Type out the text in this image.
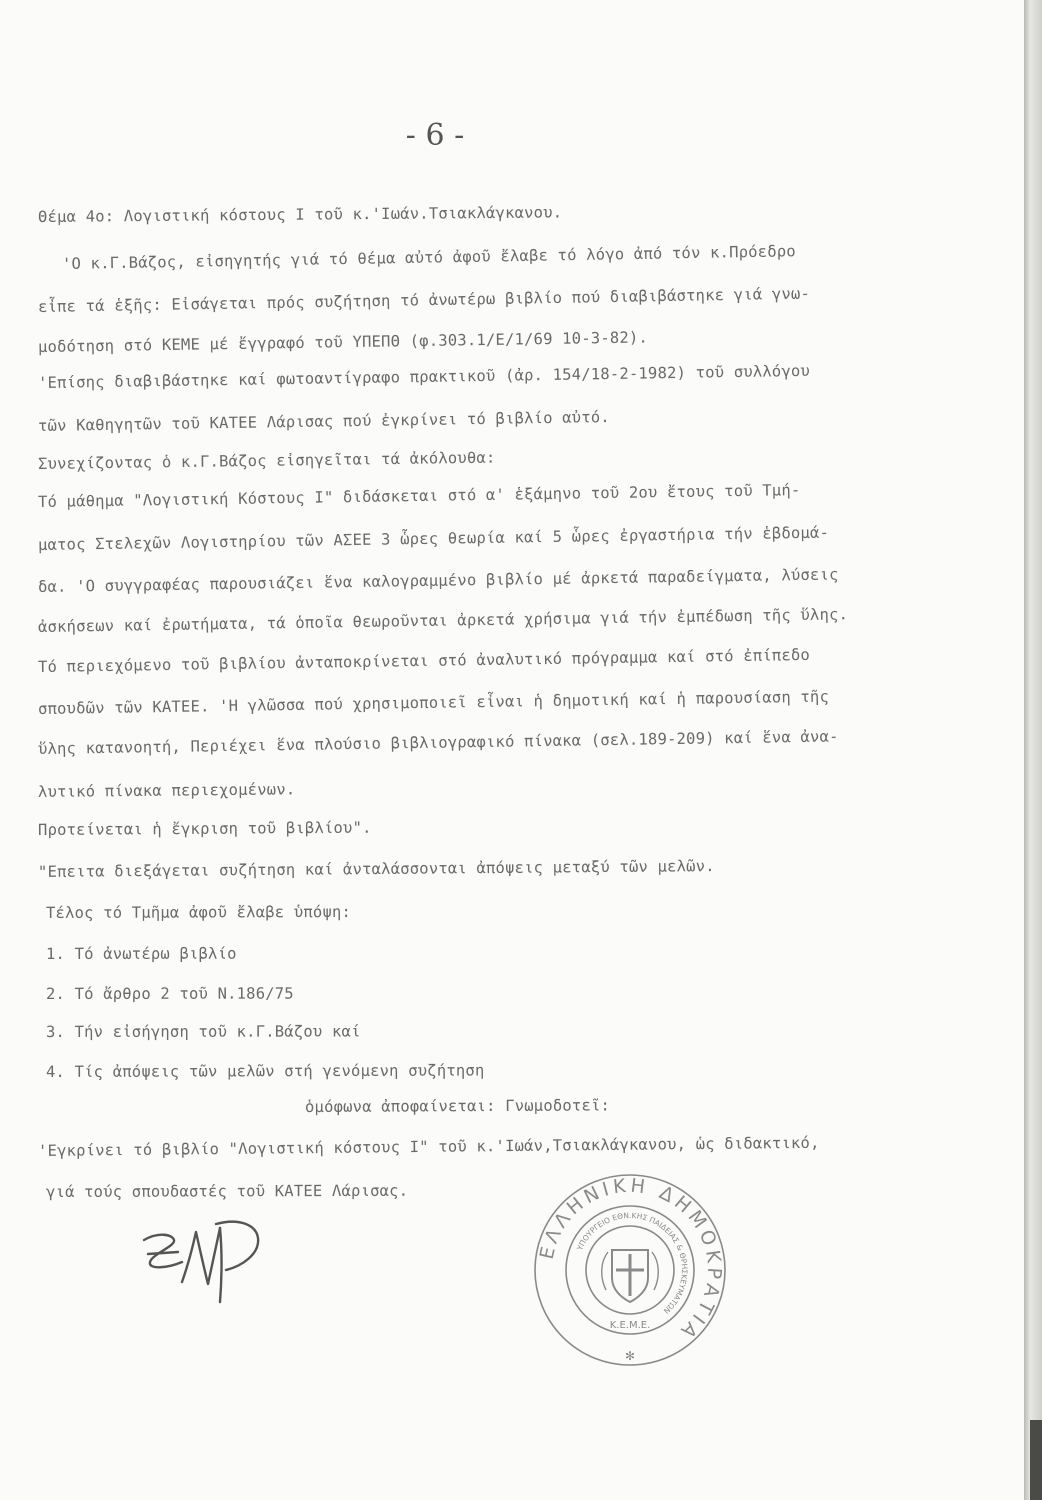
- 6 -
Θέμα 4ο: Λογιστική κόστους Ι τοῦ κ.'Ιωάν.Τσιακλάγκανου.
'Ο κ.Γ.Βάζος, εἰσηγητής γιά τό θέμα αὐτό ἀφοῦ ἔλαβε τό λόγο ἀπό τόν κ.Πρόεδρο
εἶπε τά ἑξῆς: Εἰσάγεται πρός συζήτηση τό ἀνωτέρω βιβλίο πού διαβιβάστηκε γιά γνω-
μοδότηση στό ΚΕΜΕ μέ ἔγγραφό τοῦ ΥΠΕΠΘ (φ.303.1/Ε/1/69 10-3-82).
'Επίσης διαβιβάστηκε καί φωτοαντίγραφο πρακτικοῦ (ἀρ. 154/18-2-1982) τοῦ συλλόγου
τῶν Καθηγητῶν τοῦ ΚΑΤΕΕ Λάρισας πού ἐγκρίνει τό βιβλίο αὐτό.
Συνεχίζοντας ὁ κ.Γ.Βάζος εἰσηγεῖται τά ἀκόλουθα:
Τό μάθημα "Λογιστική Κόστους Ι" διδάσκεται στό α' ἑξάμηνο τοῦ 2ου ἔτους τοῦ Τμή-
ματος Στελεχῶν Λογιστηρίου τῶν ΑΣΕΕ 3 ὧρες θεωρία καί 5 ὧρες ἐργαστήρια τήν ἑβδομά-
δα. 'Ο συγγραφέας παρουσιάζει ἕνα καλογραμμένο βιβλίο μέ ἀρκετά παραδείγματα, λύσεις
ἀσκήσεων καί ἐρωτήματα, τά ὁποῖα θεωροῦνται ἀρκετά χρήσιμα γιά τήν ἐμπέδωση τῆς ὕλης.
Τό περιεχόμενο τοῦ βιβλίου ἀνταποκρίνεται στό ἀναλυτικό πρόγραμμα καί στό ἐπίπεδο
σπουδῶν τῶν ΚΑΤΕΕ. 'Η γλῶσσα πού χρησιμοποιεῖ εἶναι ἡ δημοτική καί ἡ παρουσίαση τῆς
ὕλης κατανοητή, Περιέχει ἕνα πλούσιο βιβλιογραφικό πίνακα (σελ.189-209) καί ἕνα ἀνα-
λυτικό πίνακα περιεχομένων.
Προτείνεται ἡ ἔγκριση τοῦ βιβλίου".
"Επειτα διεξάγεται συζήτηση καί ἀνταλάσσονται ἀπόψεις μεταξύ τῶν μελῶν.
Τέλος τό Τμῆμα ἀφοῦ ἔλαβε ὑπόψη:
1. Τό ἀνωτέρω βιβλίο
2. Τό ἄρθρο 2 τοῦ Ν.186/75
3. Τήν εἰσήγηση τοῦ κ.Γ.Βάζου καί
4. Τίς ἀπόψεις τῶν μελῶν στή γενόμενη συζήτηση
ὁμόφωνα ἀποφαίνεται: Γνωμοδοτεῖ:
'Εγκρίνει τό βιβλίο "Λογιστική κόστους Ι" τοῦ κ.'Ιωάν,Τσιακλάγκανου, ὡς διδακτικό,
γιά τούς σπουδαστές τοῦ ΚΑΤΕΕ Λάρισας.
ΕΛΛΗΝΙΚΗ ΔΗΜΟΚΡΑΤΙΑ
ΥΠΟΥΡΓΕΙΟ ΕΘΝ.ΚΗΣ ΠΑΙΔΕΙΑΣ & ΘΡΗΣΚΕΥΜΑΤΩΝ
Κ.Ε.Μ.Ε.
✻
